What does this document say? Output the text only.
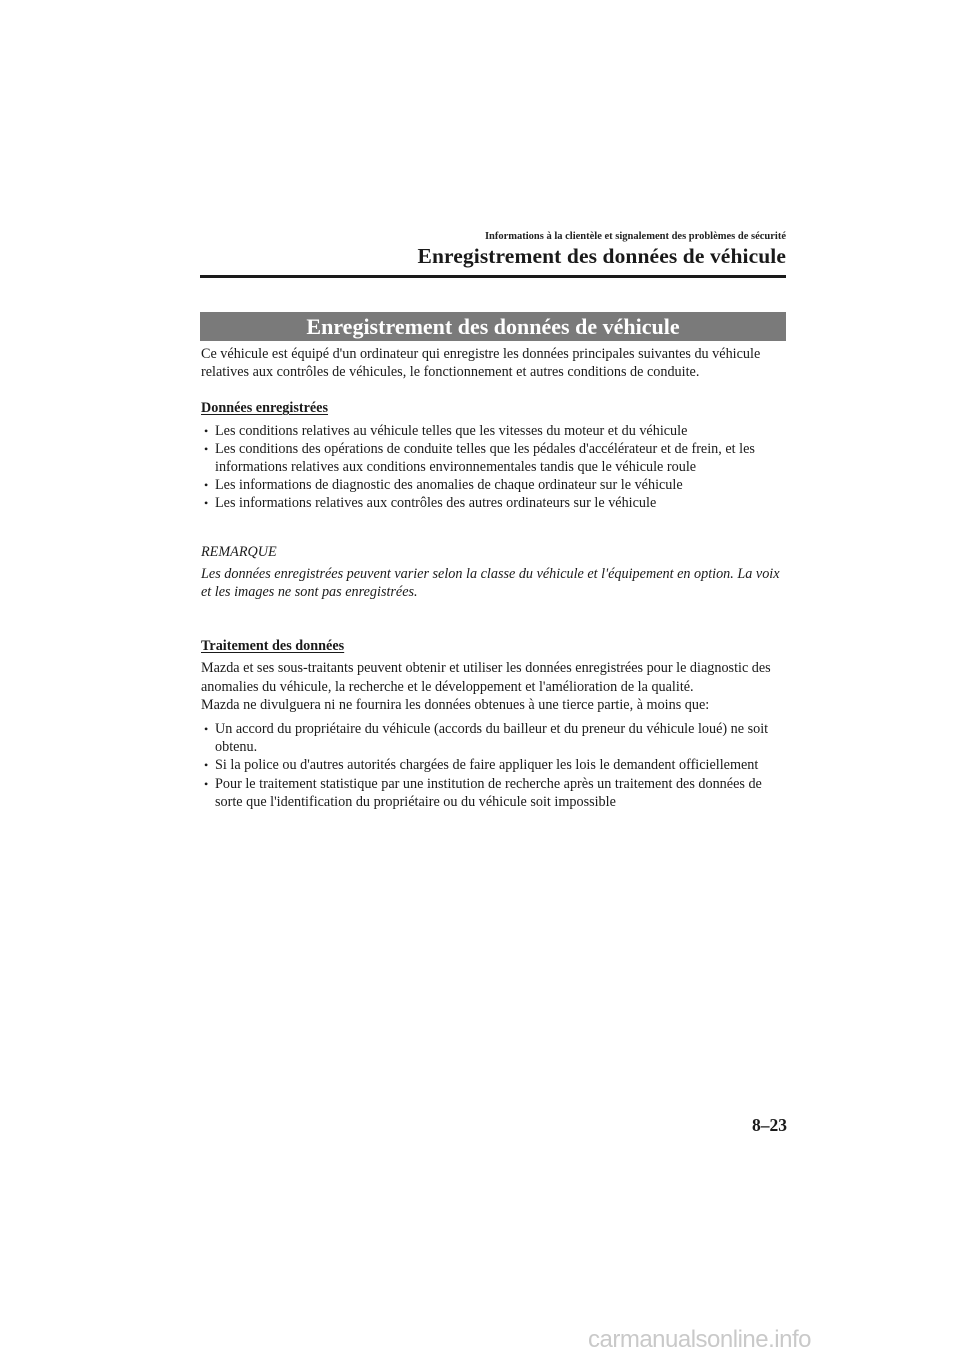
Informations à la clientèle et signalement des problèmes de sécurité
Enregistrement des données de véhicule
Enregistrement des données de véhicule

Ce véhicule est équipé d'un ordinateur qui enregistre les données principales suivantes du véhicule relatives aux contrôles de véhicules, le fonctionnement et autres conditions de conduite.

Données enregistrées

• Les conditions relatives au véhicule telles que les vitesses du moteur et du véhicule
• Les conditions des opérations de conduite telles que les pédales d'accélérateur et de frein, et les informations relatives aux conditions environnementales tandis que le véhicule roule
• Les informations de diagnostic des anomalies de chaque ordinateur sur le véhicule
• Les informations relatives aux contrôles des autres ordinateurs sur le véhicule

REMARQUE

Les données enregistrées peuvent varier selon la classe du véhicule et l'équipement en option. La voix et les images ne sont pas enregistrées.

Traitement des données

Mazda et ses sous-traitants peuvent obtenir et utiliser les données enregistrées pour le diagnostic des anomalies du véhicule, la recherche et le développement et l'amélioration de la qualité.

Mazda ne divulguera ni ne fournira les données obtenues à une tierce partie, à moins que:

• Un accord du propriétaire du véhicule (accords du bailleur et du preneur du véhicule loué) ne soit obtenu.
• Si la police ou d'autres autorités chargées de faire appliquer les lois le demandent officiellement
• Pour le traitement statistique par une institution de recherche après un traitement des données de sorte que l'identification du propriétaire ou du véhicule soit impossible
8–23
carmanualsonline.info
